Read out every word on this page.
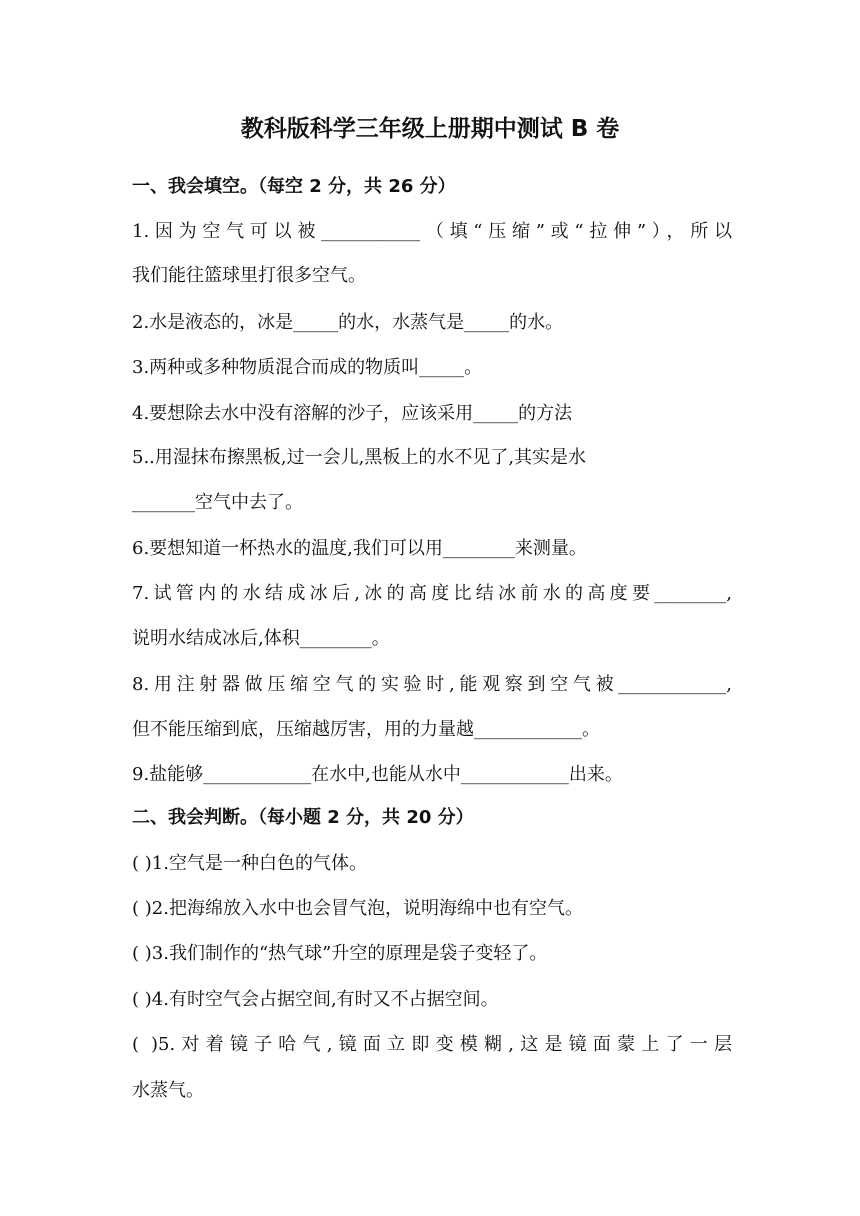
教科版科学三年级上册期中测试 B 卷
一、我会填空。（每空 2 分，共 26 分）
1.因为空气可以被___________（填“压缩”或“拉伸”），所以
我们能往篮球里打很多空气。
2.水是液态的，冰是_____的水，水蒸气是_____的水。
3.两种或多种物质混合而成的物质叫_____。
4.要想除去水中没有溶解的沙子，应该采用_____的方法
5..用湿抹布擦黑板,过一会儿,黑板上的水不见了,其实是水
_______空气中去了。
6.要想知道一杯热水的温度,我们可以用________来测量。
7.试管内的水结成冰后,冰的高度比结冰前水的高度要________,
说明水结成冰后,体积________。
8.用注射器做压缩空气的实验时,能观察到空气被____________,
但不能压缩到底，压缩越厉害，用的力量越____________。
9.盐能够____________在水中,也能从水中____________出来。
二、我会判断。（每小题 2 分，共 20 分）
( )1.空气是一种白色的气体。
( )2.把海绵放入水中也会冒气泡，说明海绵中也有空气。
( )3.我们制作的“热气球”升空的原理是袋子变轻了。
( )4.有时空气会占据空间,有时又不占据空间。
( )5.对着镜子哈气,镜面立即变模糊,这是镜面蒙上了一层
水蒸气。
